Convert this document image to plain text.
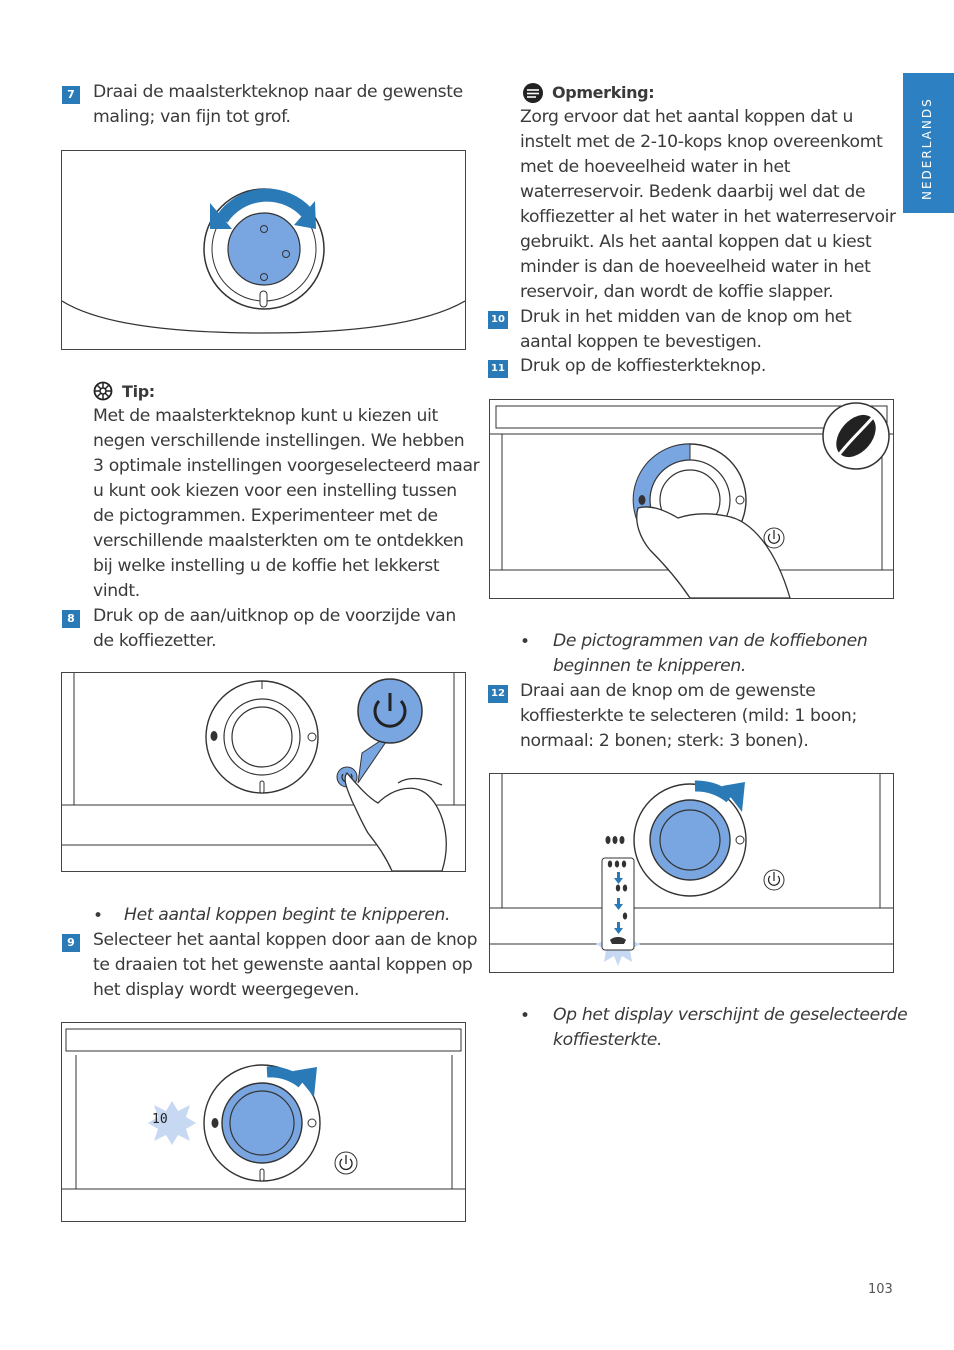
NEDERLANDS
7	Draai de maalsterkteknop naar de gewenste
maling; van fijn tot grof.
Tip:
Met de maalsterkteknop kunt u kiezen uit
negen verschillende instellingen. We hebben
3 optimale instellingen voorgeselecteerd maar
u kunt ook kiezen voor een instelling tussen
de pictogrammen. Experimenteer met de
verschillende maalsterkten om te ontdekken
bij welke instelling u de koffie het lekkerst
vindt.
8	Druk op de aan/uitknop op de voorzijde van
de koffiezetter.
• Het aantal koppen begint te knipperen.
9	Selecteer het aantal koppen door aan de knop
te draaien tot het gewenste aantal koppen op
het display wordt weergegeven.
10
Opmerking:
Zorg ervoor dat het aantal koppen dat u
instelt met de 2-10-kops knop overeenkomt
met de hoeveelheid water in het
waterreservoir. Bedenk daarbij wel dat de
koffiezetter al het water in het waterreservoir
gebruikt. Als het aantal koppen dat u kiest
minder is dan de hoeveelheid water in het
reservoir, dan wordt de koffie slapper.
10 Druk in het midden van de knop om het
aantal koppen te bevestigen.
11 Druk op de koffiesterkteknop.
• De pictogrammen van de koffiebonen
beginnen te knipperen.
12 Draai aan de knop om de gewenste
koffiesterkte te selecteren (mild: 1 boon;
normaal: 2 bonen; sterk: 3 bonen).
• Op het display verschijnt de geselecteerde
koffiesterkte.
103
